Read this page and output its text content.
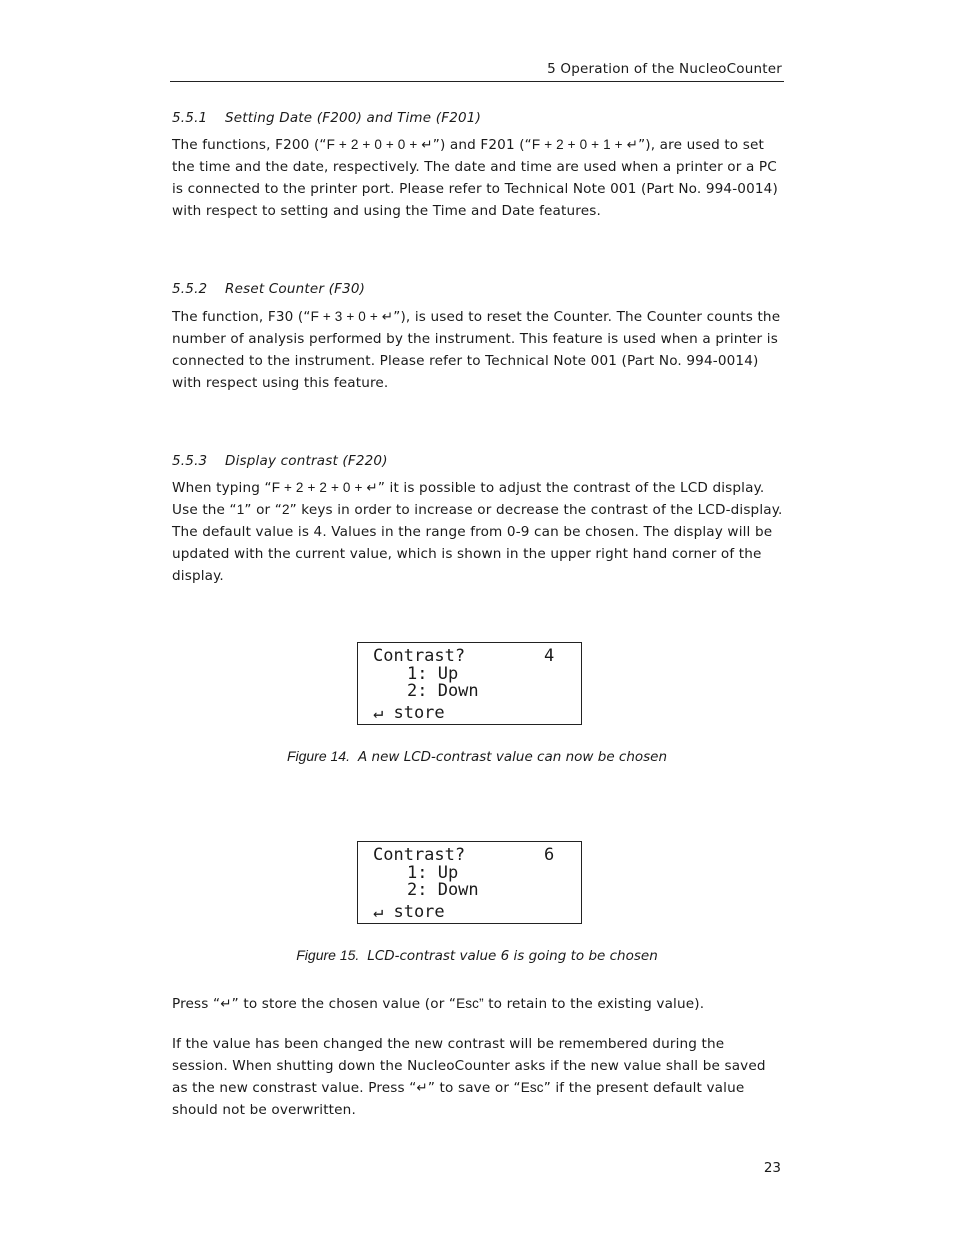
5 Operation of the NucleoCounter
5.5.1 Setting Date (F200) and Time (F201)
The functions, F200 (“F + 2 + 0 + 0 + ↵”) and F201 (“F + 2 + 0 + 1 + ↵”), are used to set the time and the date, respectively. The date and time are used when a printer or a PC is connected to the printer port. Please refer to Technical Note 001 (Part No. 994-0014) with respect to setting and using the Time and Date features.
5.5.2 Reset Counter (F30)
The function, F30 (“F + 3 + 0 + ↵”), is used to reset the Counter. The Counter counts the number of analysis performed by the instrument. This feature is used when a printer is connected to the instrument. Please refer to Technical Note 001 (Part No. 994-0014) with respect using this feature.
5.5.3 Display contrast (F220)
When typing “F + 2 + 2 + 0 + ↵” it is possible to adjust the contrast of the LCD display. Use the “1” or “2” keys in order to increase or decrease the contrast of the LCD-display. The default value is 4. Values in the range from 0-9 can be chosen. The display will be updated with the current value, which is shown in the upper right hand corner of the display.
Contrast?	4
1: Up
2: Down
↵ store
Figure 14. A new LCD-contrast value can now be chosen
Contrast?	6
1: Up
2: Down
↵ store
Figure 15. LCD-contrast value 6 is going to be chosen
Press “↵” to store the chosen value (or “Esc” to retain to the existing value).
If the value has been changed the new contrast will be remembered during the session. When shutting down the NucleoCounter asks if the new value shall be saved as the new constrast value. Press “↵” to save or “Esc” if the present default value should not be overwritten.
23
